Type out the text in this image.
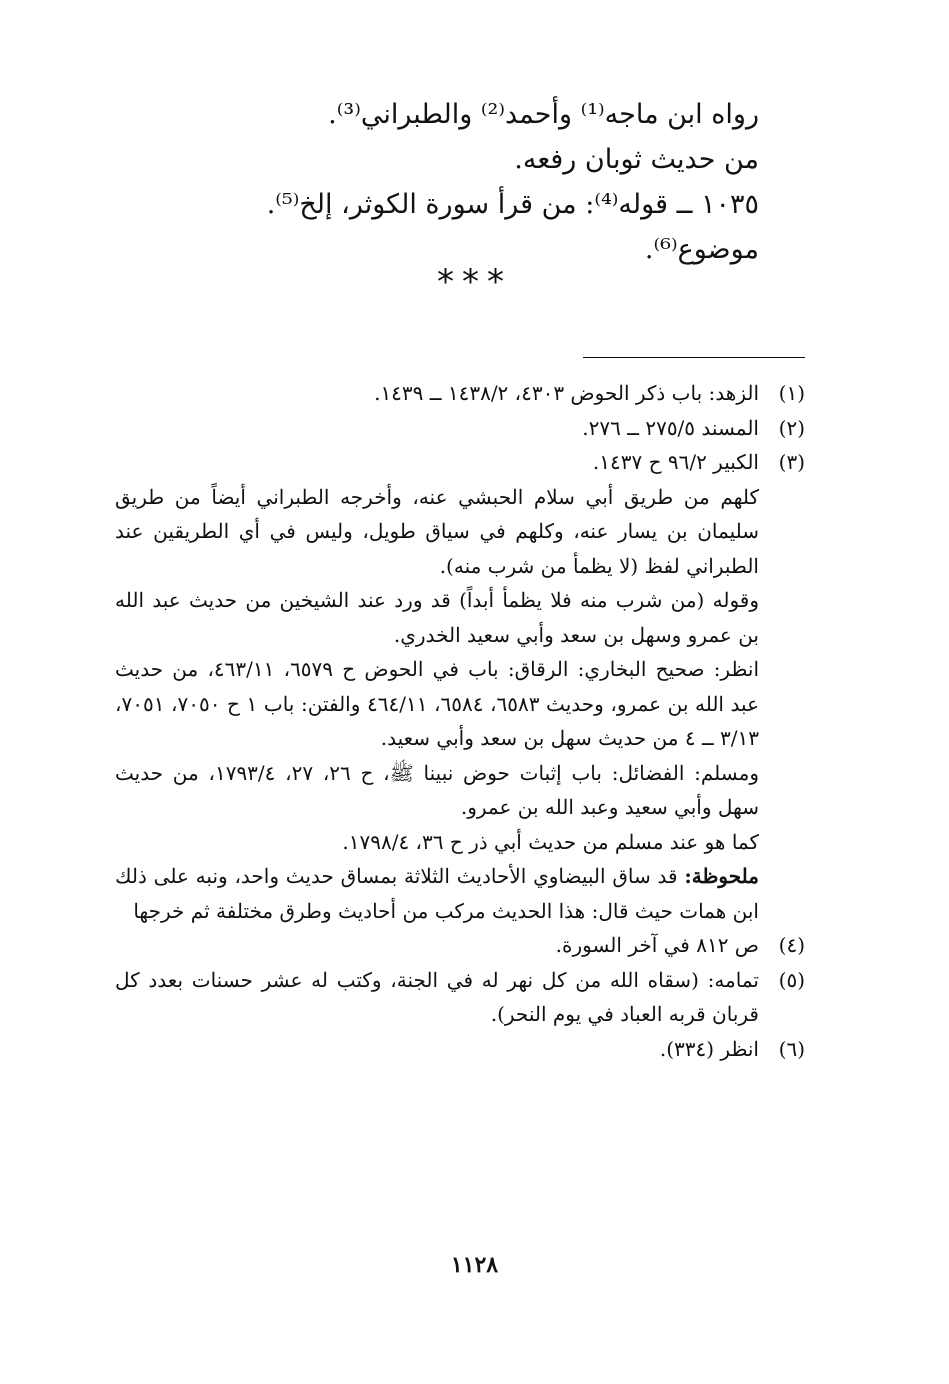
رواه ابن ماجه⁽¹⁾ وأحمد⁽²⁾ والطبراني⁽³⁾.

من حديث ثوبان رفعه.

١٠٣٥ ــ قوله⁽⁴⁾: من قرأ سورة الكوثر، إلخ⁽⁵⁾.

موضوع⁽⁶⁾.

***
(١)

الزهد: باب ذكر الحوض ٤٣٠٣، ١٤٣٨/٢ ــ ١٤٣٩.

(٢)

المسند ٢٧٥/٥ ــ ٢٧٦.

(٣)

الكبير ٩٦/٢ ح ١٤٣٧.

كلهم من طريق أبي سلام الحبشي عنه، وأخرجه الطبراني أيضاً من طريق سليمان بن يسار عنه، وكلهم في سياق طويل، وليس في أي الطريقين عند الطبراني لفظ (لا يظمأ من شرب منه).

وقوله (من شرب منه فلا يظمأ أبداً) قد ورد عند الشيخين من حديث عبد الله بن عمرو وسهل بن سعد وأبي سعيد الخدري.

انظر: صحيح البخاري: الرقاق: باب في الحوض ح ٦٥٧٩، ٤٦٣/١١، من حديث عبد الله بن عمرو، وحديث ٦٥٨٣، ٦٥٨٤، ٤٦٤/١١ والفتن: باب ١ ح ٧٠٥٠، ٧٠٥١، ٣/١٣ ــ ٤ من حديث سهل بن سعد وأبي سعيد.

ومسلم: الفضائل: باب إثبات حوض نبينا ﷺ، ح ٢٦، ٢٧، ١٧٩٣/٤، من حديث سهل وأبي سعيد وعبد الله بن عمرو.

كما هو عند مسلم من حديث أبي ذر ح ٣٦، ١٧٩٨/٤.

ملحوظة: قد ساق البيضاوي الأحاديث الثلاثة بمساق حديث واحد، ونبه على ذلك ابن همات حيث قال: هذا الحديث مركب من أحاديث وطرق مختلفة ثم خرجها

(٤)

ص ٨١٢ في آخر السورة.

(٥)

تمامه: (سقاه الله من كل نهر له في الجنة، وكتب له عشر حسنات بعدد كل قربان قربه العباد في يوم النحر).

(٦)

انظر (٣٣٤).

١١٢٨
